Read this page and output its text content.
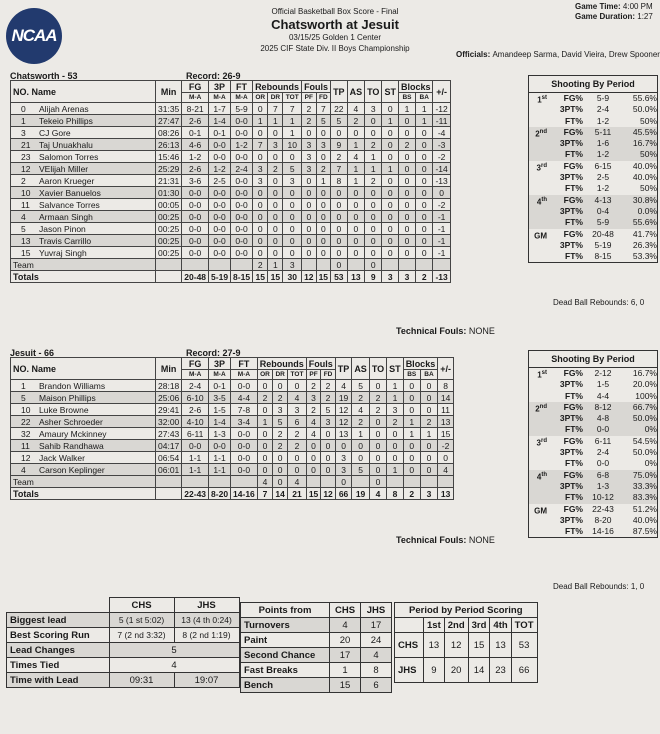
NCAA
Official Basketball Box Score - Final
Chatsworth at Jesuit
03/15/25 Golden 1 Center
2025 CIF State Div. II Boys Championship
Game Time: 4:00 PM
Game Duration: 1:27
Officials: Amandeep Sarma, David Vieira, Drew Spooner
Chatsworth - 53	Record: 26-9
NO. Name	Min	FG	3P	FT	Rebounds			Fouls		TP	AS	TO	ST	Blocks		+/-
		M-A	M-A	M-A	OR	DR	TOT	PF	FD					BS	BA	
0 Alijah Arenas	31:35	8-21	1-7	5-9	0	7	7	2	7	22	4	3	0	1	1	-12
1 Tekeio Phillips	27:47	2-6	1-4	0-0	1	1	1	2	5	5	2	0	1	0	1	-11
3 CJ Gore	08:26	0-1	0-1	0-0	0	0	1	0	0	0	0	0	0	0	0	-4
21 Taj Unuakhalu	26:13	4-6	0-0	1-2	7	3	10	3	3	9	1	2	0	2	0	-3
23 Salomon Torres	15:46	1-2	0-0	0-0	0	0	0	3	0	2	4	1	0	0	0	-2
12 VElijah Miller	25:29	2-6	1-2	2-4	3	2	5	3	2	7	1	1	1	0	0	-14
2 Aaron Krueger	21:31	3-6	2-5	0-0	3	0	3	0	1	8	1	2	0	0	0	-13
10 Xavier Banuelos	01:30	0-0	0-0	0-0	0	0	0	0	0	0	0	0	0	0	0	0
11 Salvance Torres	00:05	0-0	0-0	0-0	0	0	0	0	0	0	0	0	0	0	0	-2
4 Armaan Singh	00:25	0-0	0-0	0-0	0	0	0	0	0	0	0	0	0	0	0	-1
5 Jason Pinon	00:25	0-0	0-0	0-0	0	0	0	0	0	0	0	0	0	0	0	-1
13 Travis Carrillo	00:25	0-0	0-0	0-0	0	0	0	0	0	0	0	0	0	0	0	-1
15 Yuvraj Singh	00:25	0-0	0-0	0-0	0	0	0	0	0	0	0	0	0	0	0	-1
Team					2	1	3			0		0				
Totals		20-48	5-19	8-15	15	15	30	12	15	53	13	9	3	3	2	-13
Technical Fouls: NONE
Shooting By Period
1st	FG%	5-9	55.6%
3PT%	2-4	50.0%
FT%	1-2	50%
2nd	FG%	5-11	45.5%
3PT%	1-6	16.7%
FT%	1-2	50%
3rd	FG%	6-15	40.0%
3PT%	2-5	40.0%
FT%	1-2	50%
4th	FG%	4-13	30.8%
3PT%	0-4	0.0%
FT%	5-9	55.6%
GM	FG%	20-48	41.7%
3PT%	5-19	26.3%
FT%	8-15	53.3%
Dead Ball Rebounds: 6, 0
Jesuit - 66	Record: 27-9
NO. Name	Min	FG	3P	FT	Rebounds			Fouls		TP	AS	TO	ST	Blocks		+/-
		M-A	M-A	M-A	OR	DR	TOT	PF	FD					BS	BA	
1 Brandon Williams	28:18	2-4	0-1	0-0	0	0	0	2	2	4	5	0	1	0	0	8
5 Maison Phillips	25:06	6-10	3-5	4-4	2	2	4	3	2	19	2	2	1	0	0	14
10 Luke Browne	29:41	2-6	1-5	7-8	0	3	3	2	5	12	4	2	3	0	0	11
22 Asher Schroeder	32:00	4-10	1-4	3-4	1	5	6	4	3	12	2	0	2	1	2	13
32 Amaury Mckinney	27:43	6-11	1-3	0-0	0	2	2	4	0	13	1	0	0	1	1	15
11 Sahib Randhawa	04:17	0-0	0-0	0-0	0	2	2	0	0	0	0	0	0	0	0	-2
12 Jack Walker	06:54	1-1	1-1	0-0	0	0	0	0	0	3	0	0	0	0	0	0
4 Carson Keplinger	06:01	1-1	1-1	0-0	0	0	0	0	0	3	5	0	1	0	0	4
Team					4	0	4			0		0				
Totals		22-43	8-20	14-16	7	14	21	15	12	66	19	4	8	2	3	13
Technical Fouls: NONE
Shooting By Period
1st	FG%	2-12	16.7%
3PT%	1-5	20.0%
FT%	4-4	100%
2nd	FG%	8-12	66.7%
3PT%	4-8	50.0%
FT%	0-0	0%
3rd	FG%	6-11	54.5%
3PT%	2-4	50.0%
FT%	0-0	0%
4th	FG%	6-8	75.0%
3PT%	1-3	33.3%
FT%	10-12	83.3%
GM	FG%	22-43	51.2%
3PT%	8-20	40.0%
FT%	14-16	87.5%
Dead Ball Rebounds: 1, 0
	CHS	JHS
Biggest lead	5 (1 st 5:02)	13 (4 th 0:24)
Best Scoring Run	7 (2 nd 3:32)	8 (2 nd 1:19)
Lead Changes	5	
Times Tied	4	
Time with Lead	09:31	19:07
Points from	CHS	JHS
Turnovers	4	17
Paint	20	24
Second Chance	17	4
Fast Breaks	1	8
Bench	15	6
Period by Period Scoring					
	1st	2nd	3rd	4th	TOT
CHS	13	12	15	13	53
JHS	9	20	14	23	66
